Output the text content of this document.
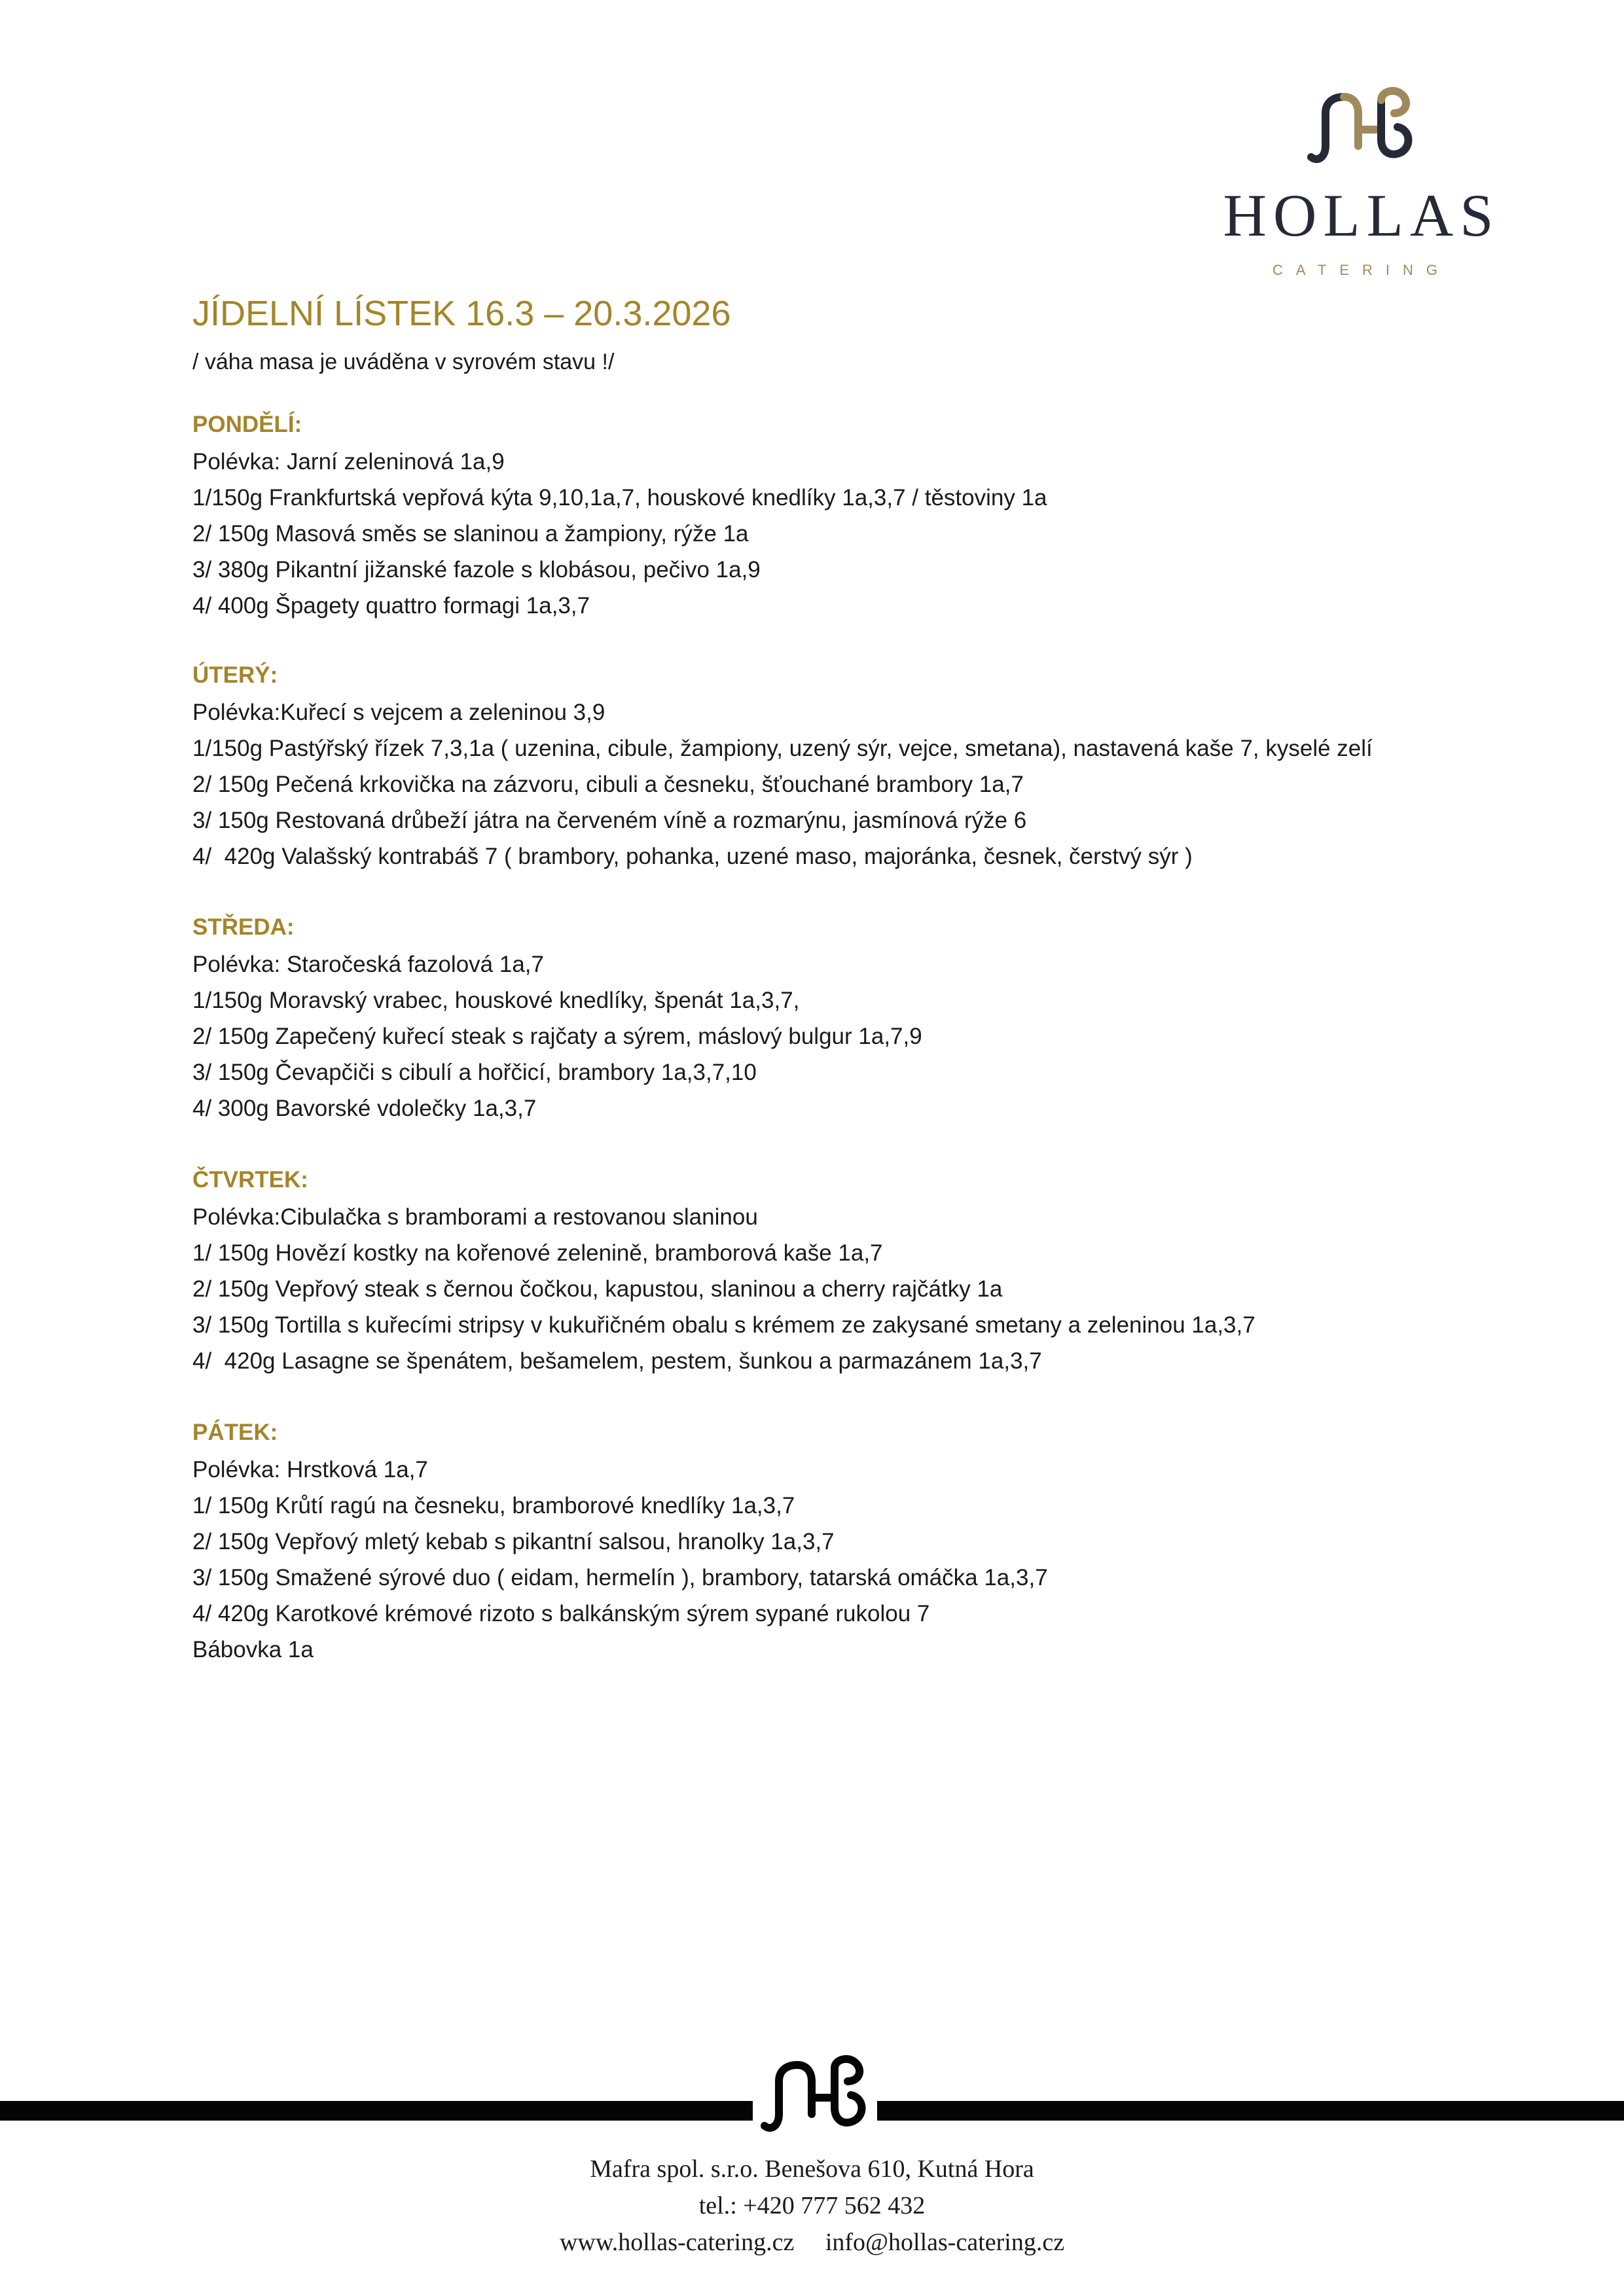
HOLLAS
CATERING
JÍDELNÍ LÍSTEK 16.3 – 20.3.2026
/ váha masa je uváděna v syrovém stavu !/
PONDĚLÍ:
Polévka: Jarní zeleninová 1a,9
1/150g Frankfurtská vepřová kýta 9,10,1a,7, houskové knedlíky 1a,3,7 / těstoviny 1a
2/ 150g Masová směs se slaninou a žampiony, rýže 1a
3/ 380g Pikantní jižanské fazole s klobásou, pečivo 1a,9
4/ 400g Špagety quattro formagi 1a,3,7
ÚTERÝ:
Polévka:Kuřecí s vejcem a zeleninou 3,9
1/150g Pastýřský řízek 7,3,1a ( uzenina, cibule, žampiony, uzený sýr, vejce, smetana), nastavená kaše 7, kyselé zelí
2/ 150g Pečená krkovička na zázvoru, cibuli a česneku, šťouchané brambory 1a,7
3/ 150g Restovaná drůbeží játra na červeném víně a rozmarýnu, jasmínová rýže 6
4/  420g Valašský kontrabáš 7 ( brambory, pohanka, uzené maso, majoránka, česnek, čerstvý sýr )
STŘEDA:
Polévka: Staročeská fazolová 1a,7
1/150g Moravský vrabec, houskové knedlíky, špenát 1a,3,7,
2/ 150g Zapečený kuřecí steak s rajčaty a sýrem, máslový bulgur 1a,7,9
3/ 150g Čevapčiči s cibulí a hořčicí, brambory 1a,3,7,10
4/ 300g Bavorské vdolečky 1a,3,7
ČTVRTEK:
Polévka:Cibulačka s bramborami a restovanou slaninou
1/ 150g Hovězí kostky na kořenové zelenině, bramborová kaše 1a,7
2/ 150g Vepřový steak s černou čočkou, kapustou, slaninou a cherry rajčátky 1a
3/ 150g Tortilla s kuřecími stripsy v kukuřičném obalu s krémem ze zakysané smetany a zeleninou 1a,3,7
4/  420g Lasagne se špenátem, bešamelem, pestem, šunkou a parmazánem 1a,3,7
PÁTEK:
Polévka: Hrstková 1a,7
1/ 150g Krůtí ragú na česneku, bramborové knedlíky 1a,3,7
2/ 150g Vepřový mletý kebab s pikantní salsou, hranolky 1a,3,7
3/ 150g Smažené sýrové duo ( eidam, hermelín ), brambory, tatarská omáčka 1a,3,7
4/ 420g Karotkové krémové rizoto s balkánským sýrem sypané rukolou 7
Bábovka 1a
Mafra spol. s.r.o. Benešova 610, Kutná Hora
tel.: +420 777 562 432
www.hollas-catering.cz info@hollas-catering.cz
